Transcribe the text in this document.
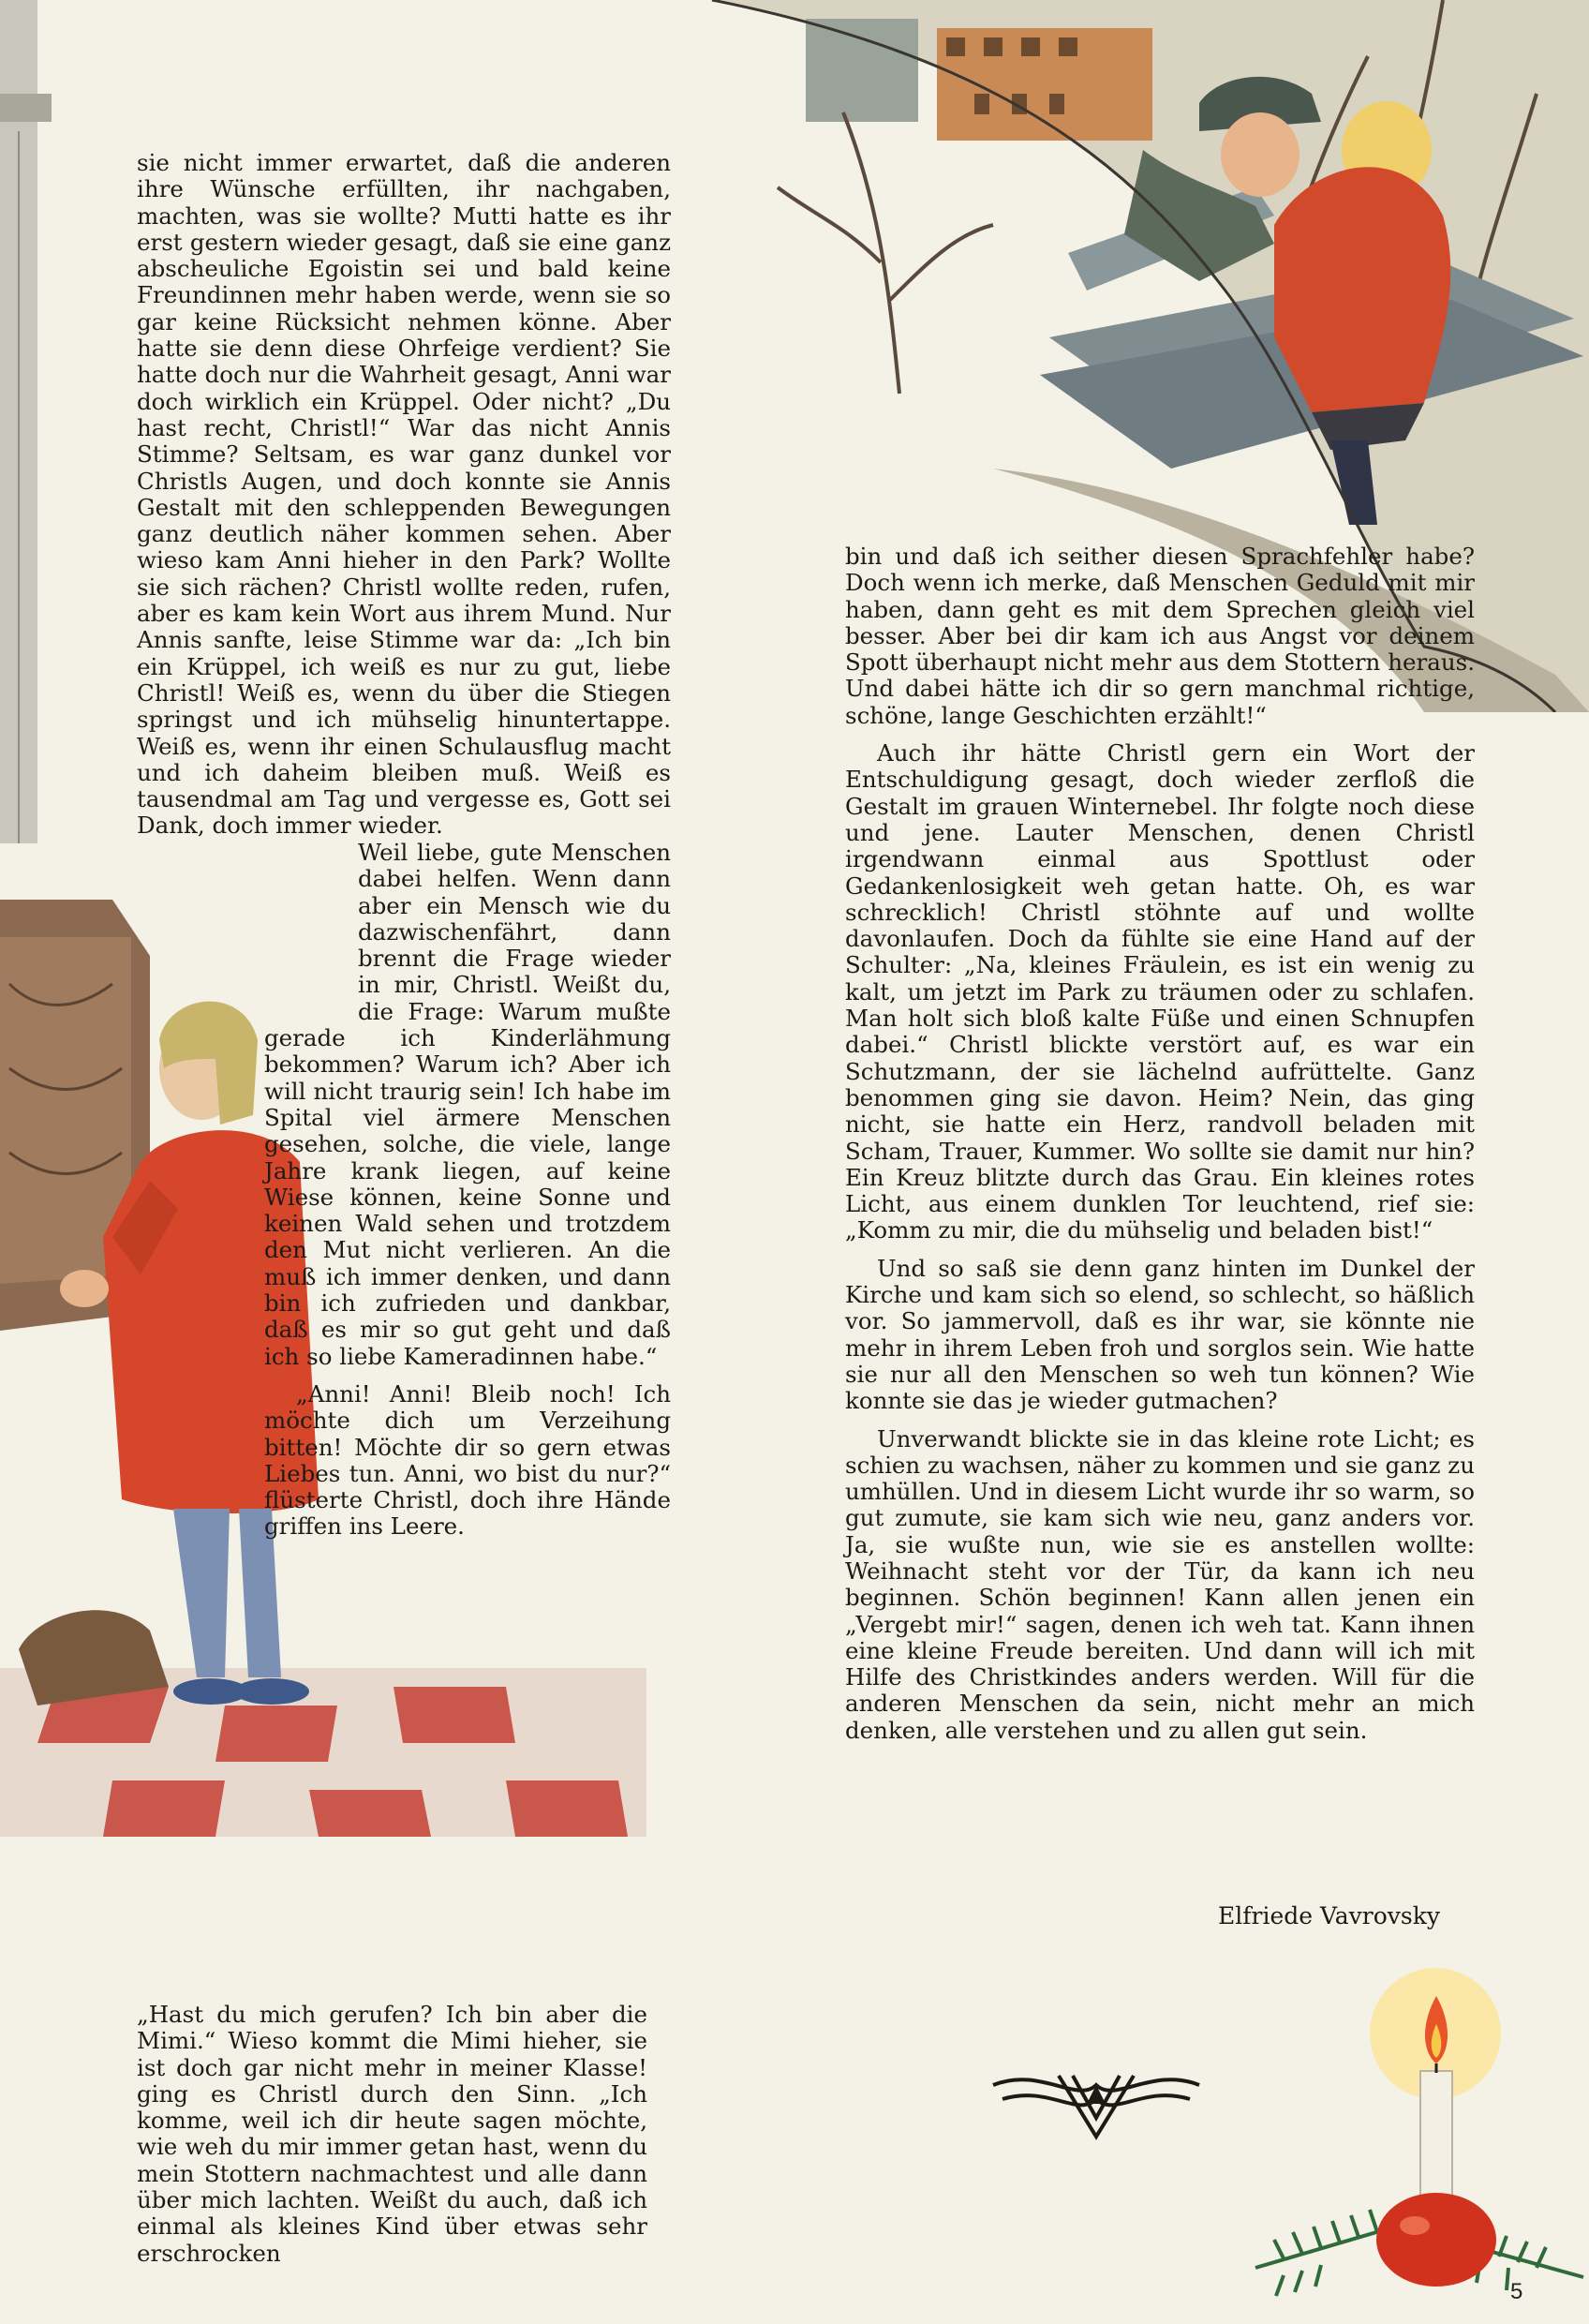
sie nicht immer erwartet, daß die anderen ihre Wünsche erfüllten, ihr nachgaben, machten, was sie wollte? Mutti hatte es ihr erst gestern wieder gesagt, daß sie eine ganz abscheuliche Egoistin sei und bald keine Freundinnen mehr haben werde, wenn sie so gar keine Rücksicht nehmen könne. Aber hatte sie denn diese Ohrfeige verdient? Sie hatte doch nur die Wahrheit gesagt, Anni war doch wirklich ein Krüppel. Oder nicht? „Du hast recht, Christl!“ War das nicht Annis Stimme? Seltsam, es war ganz dunkel vor Christls Augen, und doch konnte sie Annis Gestalt mit den schleppenden Bewegungen ganz deutlich näher kommen sehen. Aber wieso kam Anni hieher in den Park? Wollte sie sich rächen? Christl wollte reden, rufen, aber es kam kein Wort aus ihrem Mund. Nur Annis sanfte, leise Stimme war da: „Ich bin ein Krüppel, ich weiß es nur zu gut, liebe Christl! Weiß es, wenn du über die Stiegen springst und ich mühselig hinuntertappe. Weiß es, wenn ihr einen Schulausflug macht und ich daheim bleiben muß. Weiß es tausendmal am Tag und vergesse es, Gott sei Dank, doch immer wieder.

Weil liebe, gute Menschen dabei helfen. Wenn dann aber ein Mensch wie du dazwischenfährt, dann brennt die Frage wieder in mir, Christl. Weißt du, die Frage: Warum mußte gerade ich Kinderlähmung bekommen? Warum ich? Aber ich will nicht traurig sein! Ich habe im Spital viel ärmere Menschen gesehen, solche, die viele, lange Jahre krank liegen, auf keine Wiese können, keine Sonne und keinen Wald sehen und trotzdem den Mut nicht verlieren. An die muß ich immer denken, und dann bin ich zufrieden und dankbar, daß es mir so gut geht und daß ich so liebe Kameradinnen habe.“

„Anni! Anni! Bleib noch! Ich möchte dich um Verzeihung bitten! Möchte dir so gern etwas Liebes tun. Anni, wo bist du nur?“ flüsterte Christl, doch ihre Hände griffen ins Leere.

„Hast du mich gerufen? Ich bin aber die Mimi.“ Wieso kommt die Mimi hieher, sie ist doch gar nicht mehr in meiner Klasse! ging es Christl durch den Sinn. „Ich komme, weil ich dir heute sagen möchte, wie weh du mir immer getan hast, wenn du mein Stottern nachmachtest und alle dann über mich lachten. Weißt du auch, daß ich einmal als kleines Kind über etwas sehr erschrocken

bin und daß ich seither diesen Sprachfehler habe? Doch wenn ich merke, daß Menschen Geduld mit mir haben, dann geht es mit dem Sprechen gleich viel besser. Aber bei dir kam ich aus Angst vor deinem Spott überhaupt nicht mehr aus dem Stottern heraus. Und dabei hätte ich dir so gern manchmal richtige, schöne, lange Geschichten erzählt!“

Auch ihr hätte Christl gern ein Wort der Entschuldigung gesagt, doch wieder zerfloß die Gestalt im grauen Winternebel. Ihr folgte noch diese und jene. Lauter Menschen, denen Christl irgendwann einmal aus Spottlust oder Gedankenlosigkeit weh getan hatte. Oh, es war schrecklich! Christl stöhnte auf und wollte davonlaufen. Doch da fühlte sie eine Hand auf der Schulter: „Na, kleines Fräulein, es ist ein wenig zu kalt, um jetzt im Park zu träumen oder zu schlafen. Man holt sich bloß kalte Füße und einen Schnupfen dabei.“ Christl blickte verstört auf, es war ein Schutzmann, der sie lächelnd aufrüttelte. Ganz benommen ging sie davon. Heim? Nein, das ging nicht, sie hatte ein Herz, randvoll beladen mit Scham, Trauer, Kummer. Wo sollte sie damit nur hin? Ein Kreuz blitzte durch das Grau. Ein kleines rotes Licht, aus einem dunklen Tor leuchtend, rief sie: „Komm zu mir, die du mühselig und beladen bist!“

Und so saß sie denn ganz hinten im Dunkel der Kirche und kam sich so elend, so schlecht, so häßlich vor. So jammervoll, daß es ihr war, sie könnte nie mehr in ihrem Leben froh und sorglos sein. Wie hatte sie nur all den Menschen so weh tun können? Wie konnte sie das je wieder gutmachen?

Unverwandt blickte sie in das kleine rote Licht; es schien zu wachsen, näher zu kommen und sie ganz zu umhüllen. Und in diesem Licht wurde ihr so warm, so gut zumute, sie kam sich wie neu, ganz anders vor. Ja, sie wußte nun, wie sie es anstellen wollte: Weihnacht steht vor der Tür, da kann ich neu beginnen. Schön beginnen! Kann allen jenen ein „Vergebt mir!“ sagen, denen ich weh tat. Kann ihnen eine kleine Freude bereiten. Und dann will ich mit Hilfe des Christkindes anders werden. Will für die anderen Menschen da sein, nicht mehr an mich denken, alle verstehen und zu allen gut sein.

Elfriede Vavrovsky
5
